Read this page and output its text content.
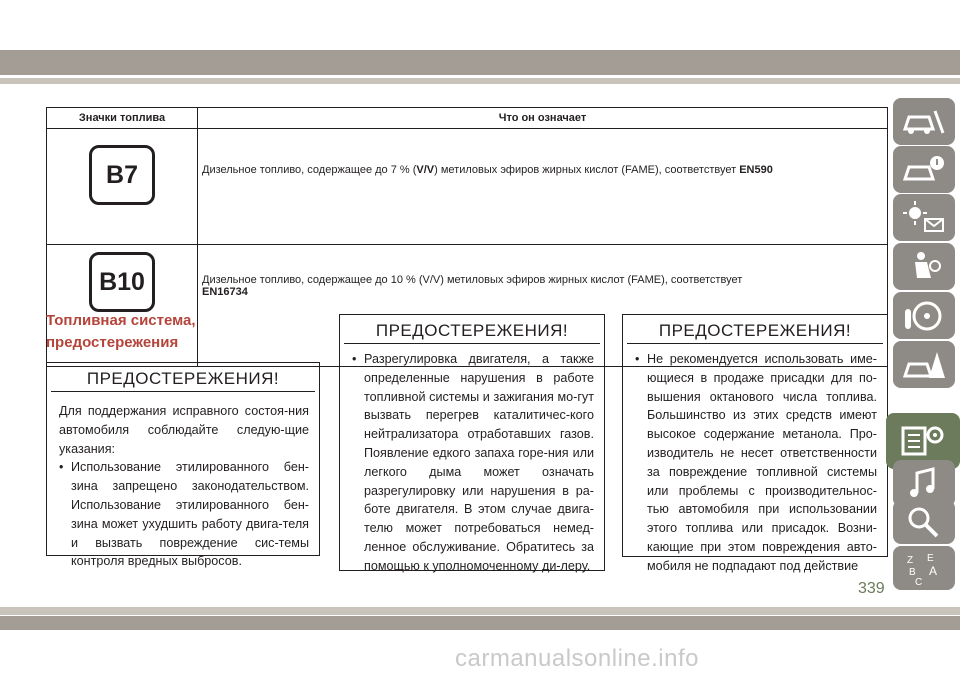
Значки топлива	Что он означает

B7	Дизельное топливо, содержащее до 7 % (V/V) метиловых эфиров жирных кислот (FAME), соответствует EN590

B10	Дизельное топливо, содержащее до 10 % (V/V) метиловых эфиров жирных кислот (FAME), соответствует
EN16734
Топливная система,
предостережения
ПРЕДОСТЕРЕЖЕНИЯ!
Для поддержания исправного состоя-ния автомобиля соблюдайте следую-щие указания:
• Использование этилированного бен-зина запрещено законодательством. Использование этилированного бен-зина может ухудшить работу двига-теля и вызвать повреждение сис-темы контроля вредных выбросов.
ПРЕДОСТЕРЕЖЕНИЯ!
• Разрегулировка двигателя, а также определенные нарушения в работе топливной системы и зажигания мо-гут вызвать перегрев каталитичес-кого нейтрализатора отработавших газов. Появление едкого запаха горе-ния или легкого дыма может означать разрегулировку или нарушения в ра-боте двигателя. В этом случае двига-телю может потребоваться немед-ленное обслуживание. Обратитесь за помощью к уполномоченному ди-леру.
ПРЕДОСТЕРЕЖЕНИЯ!
• Не рекомендуется использовать име-ющиеся в продаже присадки для по-вышения октанового числа топлива. Большинство из этих средств имеют высокое содержание метанола. Про-изводитель не несет ответственности за повреждение топливной системы или проблемы с производительнос-тью автомобиля при использовании этого топлива или присадок. Возни-кающие при этом повреждения авто-мобиля не подпадают под действие	Z E
B A
C
339
carmanualsonline.info
